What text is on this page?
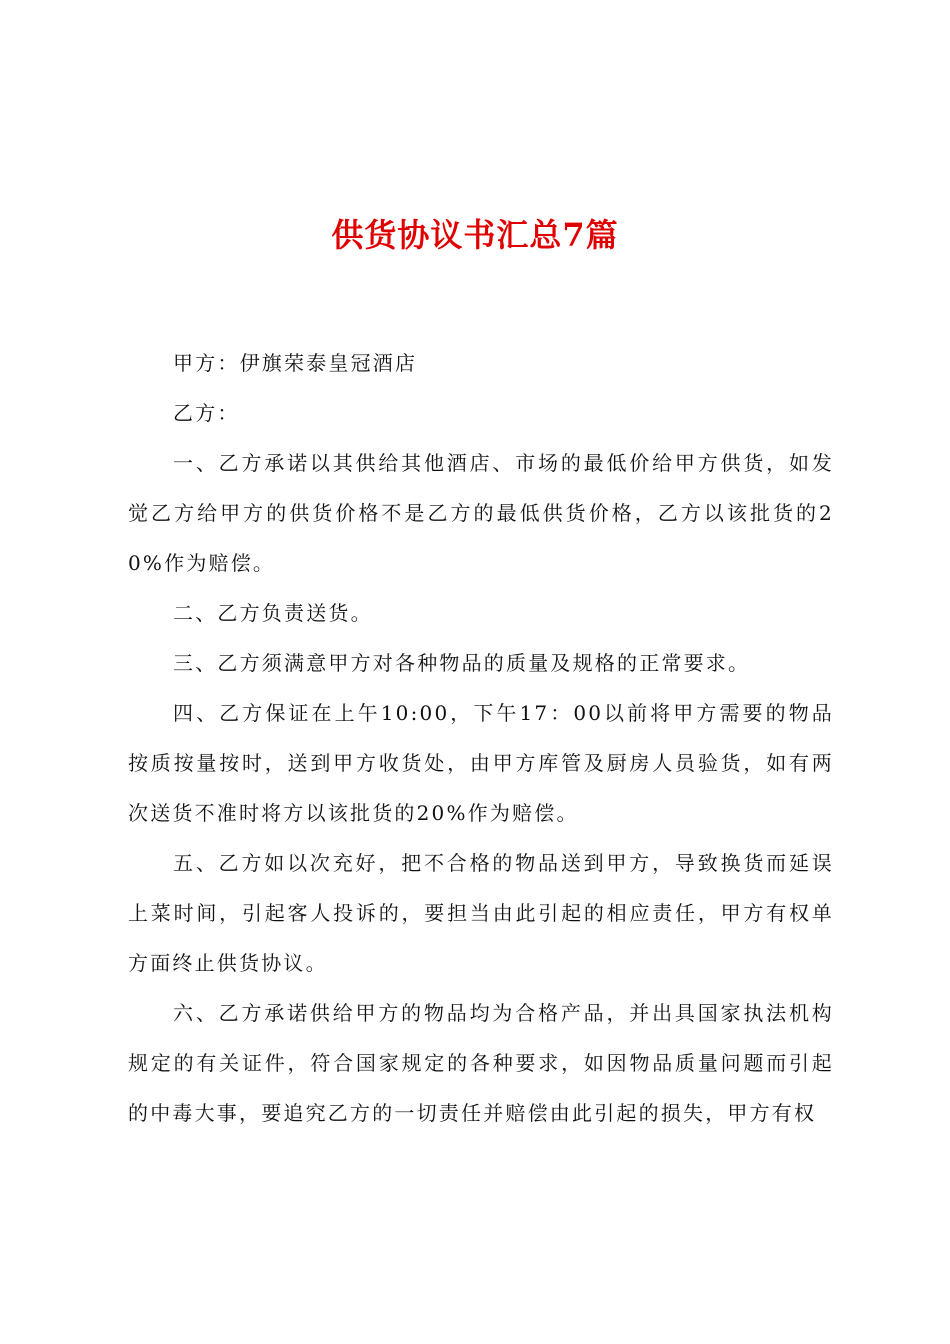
供货协议书汇总7篇

甲方：伊旗荣泰皇冠酒店

乙方：

一、乙方承诺以其供给其他酒店、市场的最低价给甲方供货，如发觉乙方给甲方的供货价格不是乙方的最低供货价格，乙方以该批货的20%作为赔偿。

二、乙方负责送货。

三、乙方须满意甲方对各种物品的质量及规格的正常要求。

四、乙方保证在上午10:00，下午17：00以前将甲方需要的物品按质按量按时，送到甲方收货处，由甲方库管及厨房人员验货，如有两次送货不准时将方以该批货的20%作为赔偿。

五、乙方如以次充好，把不合格的物品送到甲方，导致换货而延误上菜时间，引起客人投诉的，要担当由此引起的相应责任，甲方有权单方面终止供货协议。

六、乙方承诺供给甲方的物品均为合格产品，并出具国家执法机构规定的有关证件，符合国家规定的各种要求，如因物品质量问题而引起的中毒大事，要追究乙方的一切责任并赔偿由此引起的损失，甲方有权
